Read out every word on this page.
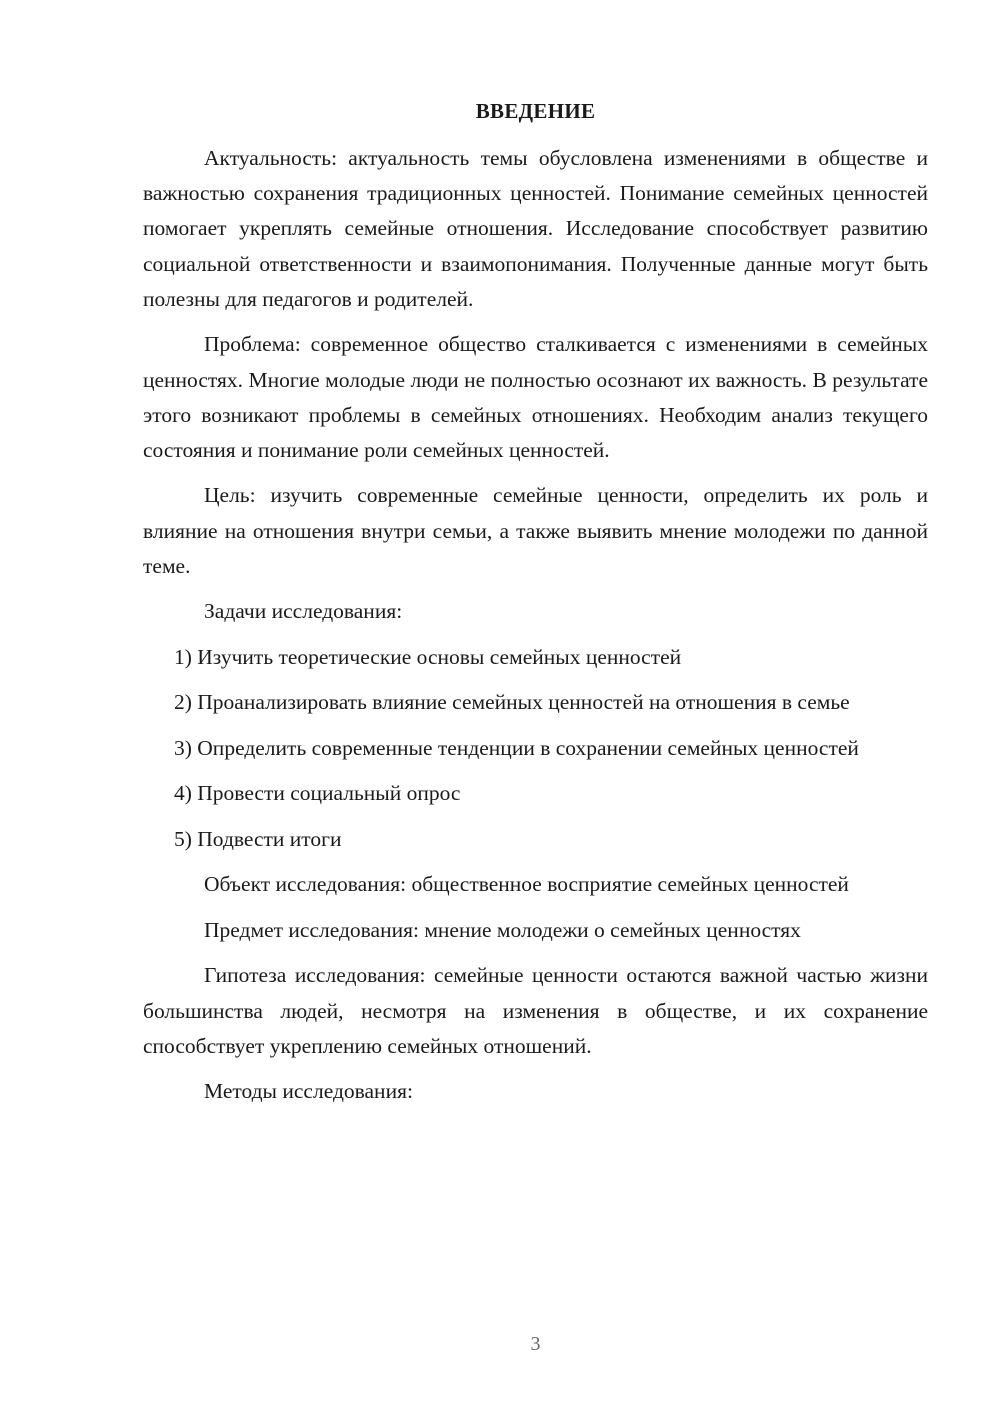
ВВЕДЕНИЕ

Актуальность: актуальность темы обусловлена изменениями в обществе и важностью сохранения традиционных ценностей. Понимание семейных ценностей помогает укреплять семейные отношения. Исследование способствует развитию социальной ответственности и взаимопонимания. Полученные данные могут быть полезны для педагогов и родителей.

Проблема: современное общество сталкивается с изменениями в семейных ценностях. Многие молодые люди не полностью осознают их важность. В результате этого возникают проблемы в семейных отношениях. Необходим анализ текущего состояния и понимание роли семейных ценностей.

Цель: изучить современные семейные ценности, определить их роль и влияние на отношения внутри семьи, а также выявить мнение молодежи по данной теме.

Задачи исследования:

1) Изучить теоретические основы семейных ценностей

2) Проанализировать влияние семейных ценностей на отношения в семье

3) Определить современные тенденции в сохранении семейных ценностей

4) Провести социальный опрос

5) Подвести итоги

Объект исследования: общественное восприятие семейных ценностей

Предмет исследования: мнение молодежи о семейных ценностях

Гипотеза исследования: семейные ценности остаются важной частью жизни большинства людей, несмотря на изменения в обществе, и их сохранение способствует укреплению семейных отношений.

Методы исследования:

3
